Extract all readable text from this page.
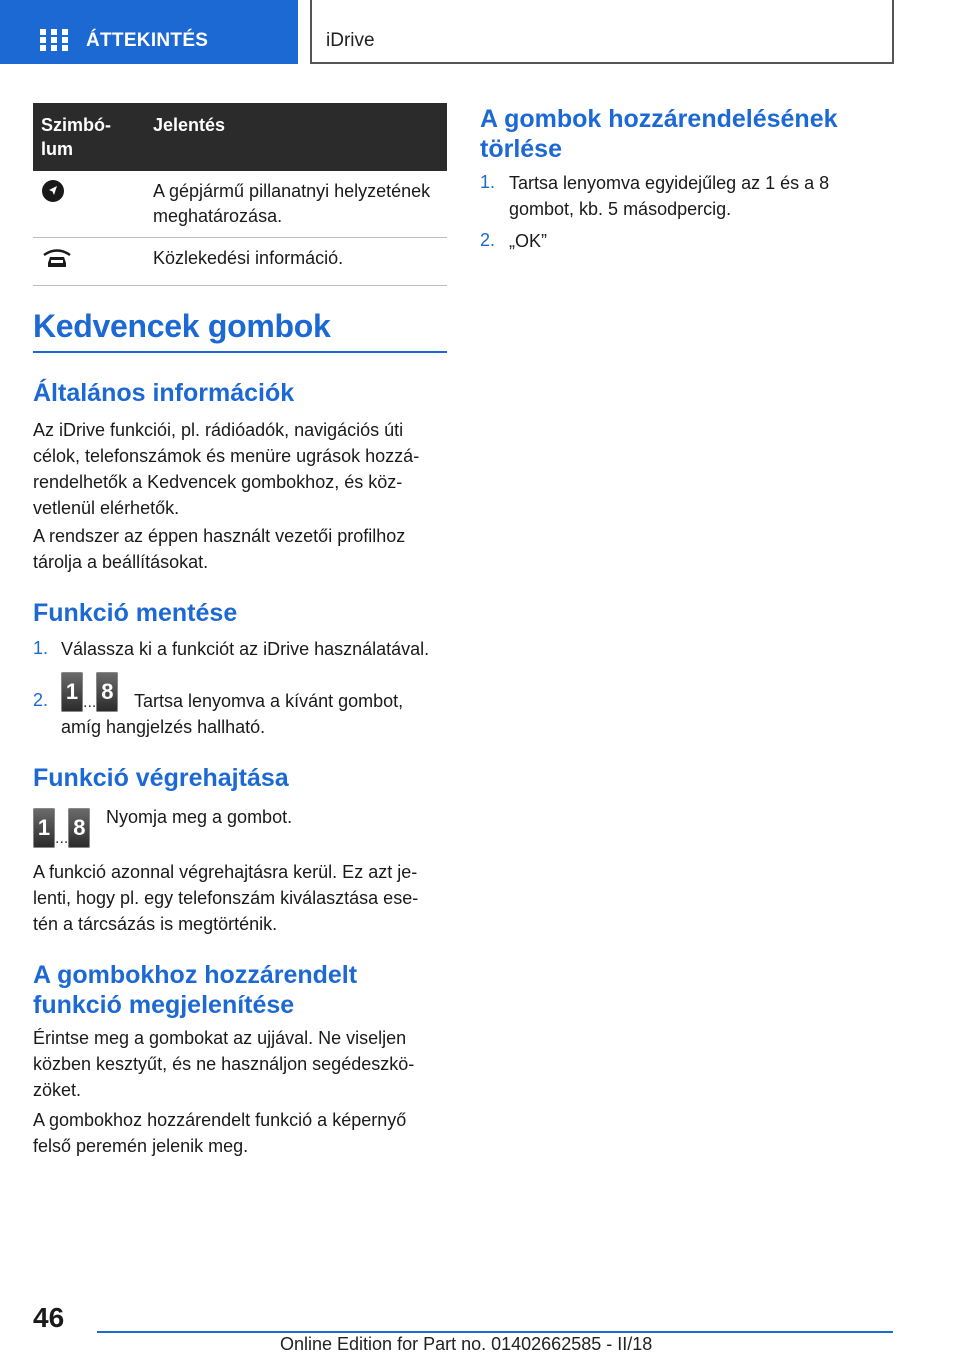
ÁTTEKINTÉS	iDrive
Szimbó‐lum	Jelentés
	A gépjármű pillanatnyi helyzetének meghatározása.
	Közlekedési információ.
Kedvencek gombok
Általános információk
Az iDrive funkciói, pl. rádióadók, navigációs úti célok, telefonszámok és menüre ugrások hozzá‐rendelhetők a Kedvencek gombokhoz, és köz‐vetlenül elérhetők.
A rendszer az éppen használt vezetői profilhoz tárolja a beállításokat.
Funkció mentése
1. Válassza ki a funkciót az iDrive használatával.
2. 1 ... 8	Tartsa lenyomva a kívánt gombot, amíg hangjelzés hallható.
Funkció végrehajtása
1 ... 8 Nyomja meg a gombot.
A funkció azonnal végrehajtásra kerül. Ez azt je‐lenti, hogy pl. egy telefonszám kiválasztása ese‐tén a tárcsázás is megtörténik.
A gombokhoz hozzárendelt funkció megjelenítése
Érintse meg a gombokat az ujjával. Ne viseljen közben kesztyűt, és ne használjon segédeszkö‐zöket.
A gombokhoz hozzárendelt funkció a képernyő felső peremén jelenik meg.
A gombok hozzárendelésének törlése
1. Tartsa lenyomva egyidejűleg az 1 és a 8 gombot, kb. 5 másodpercig.
2. „OK”
46
Online Edition for Part no. 01402662585 - II/18
